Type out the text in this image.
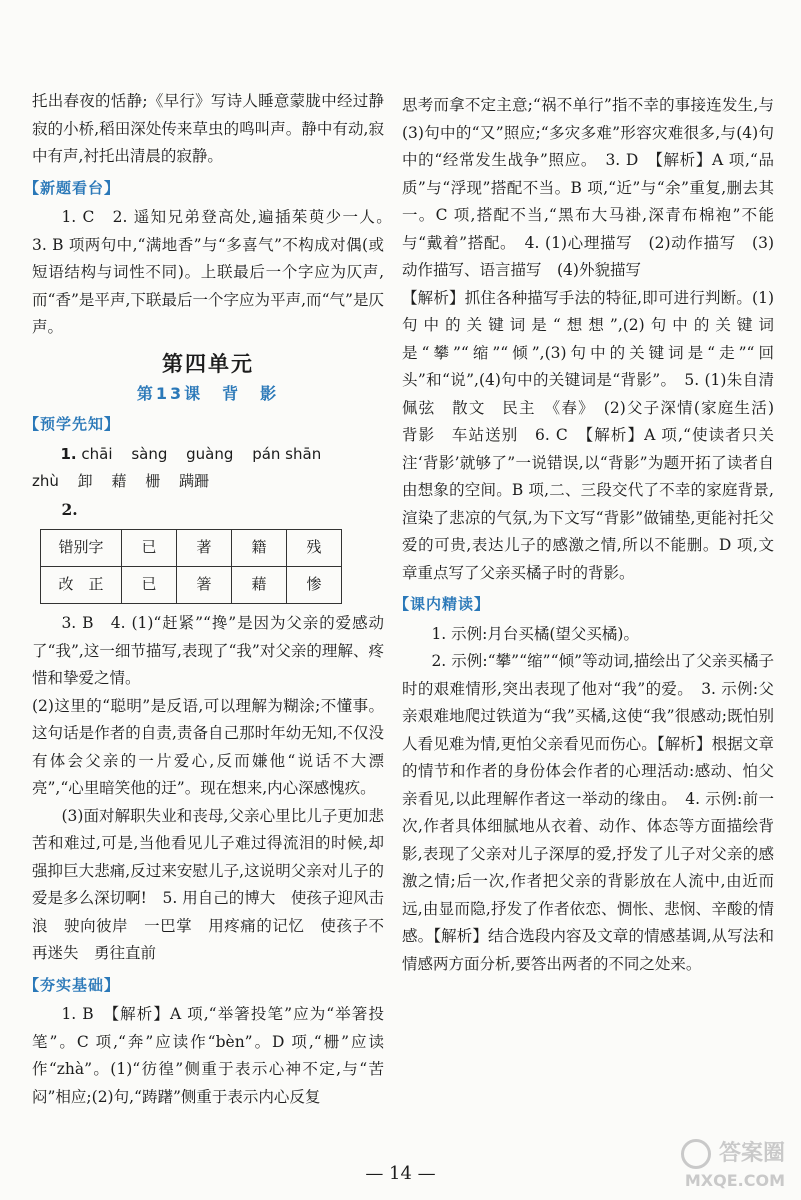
托出春夜的恬静;《早行》写诗人睡意蒙胧中经过静寂的小桥,稻田深处传来草虫的鸣叫声。静中有动,寂中有声,衬托出清晨的寂静。

【新题看台】

1. C　2. 遥知兄弟登高处,遍插茱萸少一人。　3. B 项两句中,“满地香”与“多喜气”不构成对偶(或短语结构与词性不同)。上联最后一个字应为仄声,而“香”是平声,下联最后一个字应为平声,而“气”是仄声。

第四单元
第13课　背　影
【预学先知】
1. chāi sàng guàng pán shān
zhù 卸 藉 栅 蹒跚
2.
错别字	已	著	籍	残
改　正	已	箸	藉	惨

3. B　4. (1)“赶紧”“搀”是因为父亲的爱感动了“我”,这一细节描写,表现了“我”对父亲的理解、疼惜和挚爱之情。

(2)这里的“聪明”是反语,可以理解为糊涂;不懂事。这句话是作者的自责,责备自己那时年幼无知,不仅没有体会父亲的一片爱心,反而嫌他“说话不大漂亮”,“心里暗笑他的迂”。现在想来,内心深感愧疚。

(3)面对解职失业和丧母,父亲心里比儿子更加悲苦和难过,可是,当他看见儿子难过得流泪的时候,却强抑巨大悲痛,反过来安慰儿子,这说明父亲对儿子的爱是多么深切啊!　5. 用自己的博大　使孩子迎风击浪　驶向彼岸　一巴掌　用疼痛的记忆　使孩子不再迷失　勇往直前

【夯实基础】

1. B　【解析】A 项,“举箸投笔”应为“举箸投笔”。C 项,“奔”应读作“bèn”。D 项,“栅”应读作“zhà”。(1)“彷徨”侧重于表示心神不定,与“苦闷”相应;(2)句,“踌躇”侧重于表示内心反复

思考而拿不定主意;“祸不单行”指不幸的事接连发生,与(3)句中的“又”照应;“多灾多难”形容灾难很多,与(4)句中的“经常发生战争”照应。　3. D　【解析】A 项,“品质”与“浮现”搭配不当。B 项,“近”与“余”重复,删去其一。C 项,搭配不当,“黑布大马褂,深青布棉袍”不能与“戴着”搭配。　4. (1)心理描写　(2)动作描写　(3)动作描写、语言描写　(4)外貌描写

【解析】抓住各种描写手法的特征,即可进行判断。(1)句中的关键词是“想想”,(2)句中的关键词是“攀”“缩”“倾”,(3)句中的关键词是“走”“回头”和“说”,(4)句中的关键词是“背影”。　5. (1)朱自清　佩弦　散文　民主　《春》　(2)父子深情(家庭生活)　背影　车站送别　6. C　【解析】A 项,“使读者只关注‘背影’就够了”一说错误,以“背影”为题开拓了读者自由想象的空间。B 项,二、三段交代了不幸的家庭背景,渲染了悲凉的气氛,为下文写“背影”做铺垫,更能衬托父爱的可贵,表达儿子的感激之情,所以不能删。D 项,文章重点写了父亲买橘子时的背影。

【课内精读】

1. 示例:月台买橘(望父买橘)。

2. 示例:“攀”“缩”“倾”等动词,描绘出了父亲买橘子时的艰难情形,突出表现了他对“我”的爱。　3. 示例:父亲艰难地爬过铁道为“我”买橘,这使“我”很感动;既怕别人看见难为情,更怕父亲看见而伤心。【解析】根据文章的情节和作者的身份体会作者的心理活动:感动、怕父亲看见,以此理解作者这一举动的缘由。　4. 示例:前一次,作者具体细腻地从衣着、动作、体态等方面描绘背影,表现了父亲对儿子深厚的爱,抒发了儿子对父亲的感激之情;后一次,作者把父亲的背影放在人流中,由近而远,由显而隐,抒发了作者依恋、惆怅、悲悯、辛酸的情感。【解析】结合选段内容及文章的情感基调,从写法和情感两方面分析,要答出两者的不同之处来。

— 14 —
答案圈
MXQE.COM
